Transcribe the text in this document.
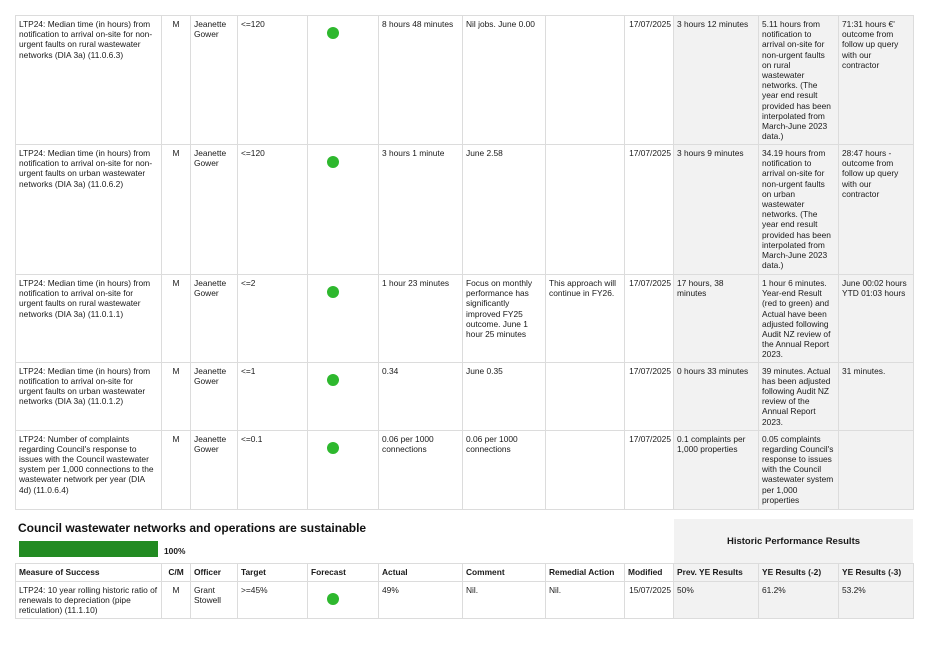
LTP24: Median time (in hours) from notification to arrival on-site for non-urgent faults on rural wastewater networks (DIA 3a) (11.0.6.3)	M	Jeanette Gower	<=120		8 hours 48 minutes	Nil jobs. June 0.00		17/07/2025	3 hours 12 minutes	5.11 hours from notification to arrival on-site for non-urgent faults on rural wastewater networks. (The year end result provided has been interpolated from March-June 2023 data.)	71:31 hours €' outcome from follow up query with our contractor
LTP24: Median time (in hours) from notification to arrival on-site for non-urgent faults on urban wastewater networks (DIA 3a) (11.0.6.2)	M	Jeanette Gower	<=120		3 hours 1 minute	June 2.58		17/07/2025	3 hours 9 minutes	34.19 hours from notification to arrival on-site for non-urgent faults on urban wastewater networks. (The year end result provided has been interpolated from March-June 2023 data.)	28:47 hours - outcome from follow up query with our contractor
LTP24: Median time (in hours) from notification to arrival on-site for urgent faults on rural wastewater networks (DIA 3a) (11.0.1.1)	M	Jeanette Gower	<=2		1 hour 23 minutes	Focus on monthly performance has significantly improved FY25 outcome. June 1 hour 25 minutes	This approach will continue in FY26.	17/07/2025	17 hours, 38 minutes	1 hour 6 minutes. Year-end Result (red to green) and Actual have been adjusted following Audit NZ review of the Annual Report 2023.	June 00:02 hours YTD 01:03 hours
LTP24: Median time (in hours) from notification to arrival on-site for urgent faults on urban wastewater networks (DIA 3a) (11.0.1.2)	M	Jeanette Gower	<=1		0.34	June 0.35		17/07/2025	0 hours 33 minutes	39 minutes. Actual has been adjusted following Audit NZ review of the Annual Report 2023.	31 minutes.
LTP24: Number of complaints regarding Council's response to issues with the Council wastewater system per 1,000 connections to the wastewater network per year (DIA 4d) (11.0.6.4)	M	Jeanette Gower	<=0.1		0.06 per 1000 connections	0.06 per 1000 connections		17/07/2025	0.1 complaints per 1,000 properties	0.05 complaints regarding Council's response to issues with the Council wastewater system per 1,000 properties	
Council wastewater networks and operations are sustainable
100%
Historic Performance Results
Measure of Success	C/M	Officer	Target	Forecast	Actual	Comment	Remedial Action	Modified	Prev. YE Results	YE Results (-2)	YE Results (-3)
LTP24: 10 year rolling historic ratio of renewals to depreciation (pipe reticulation) (11.1.10)	M	Grant Stowell	>=45%		49%	Nil.	Nil.	15/07/2025	50%	61.2%	53.2%
